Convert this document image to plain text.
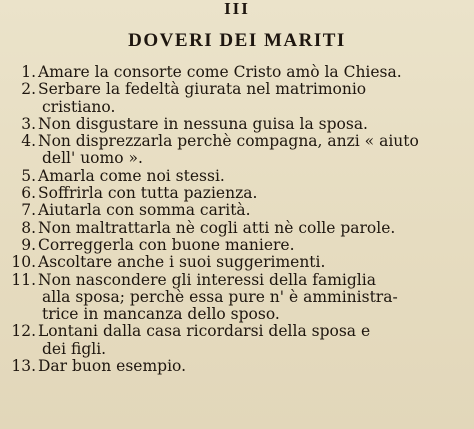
III
DOVERI DEI MARITI
1. Amare la consorte come Cristo amò la Chiesa.
2. Serbare la fedeltà giurata nel matrimonio
cristiano.
3. Non disgustare in nessuna guisa la sposa.
4. Non disprezzarla perchè compagna, anzi « aiuto
dell' uomo ».
5. Amarla come noi stessi.
6. Soffrirla con tutta pazienza.
7. Aiutarla con somma carità.
8. Non maltrattarla nè cogli atti nè colle parole.
9. Correggerla con buone maniere.
10. Ascoltare anche i suoi suggerimenti.
11. Non nascondere gli interessi della famiglia
alla sposa; perchè essa pure n' è amministra-
trice in mancanza dello sposo.
12. Lontani dalla casa ricordarsi della sposa e
dei figli.
13. Dar buon esempio.
